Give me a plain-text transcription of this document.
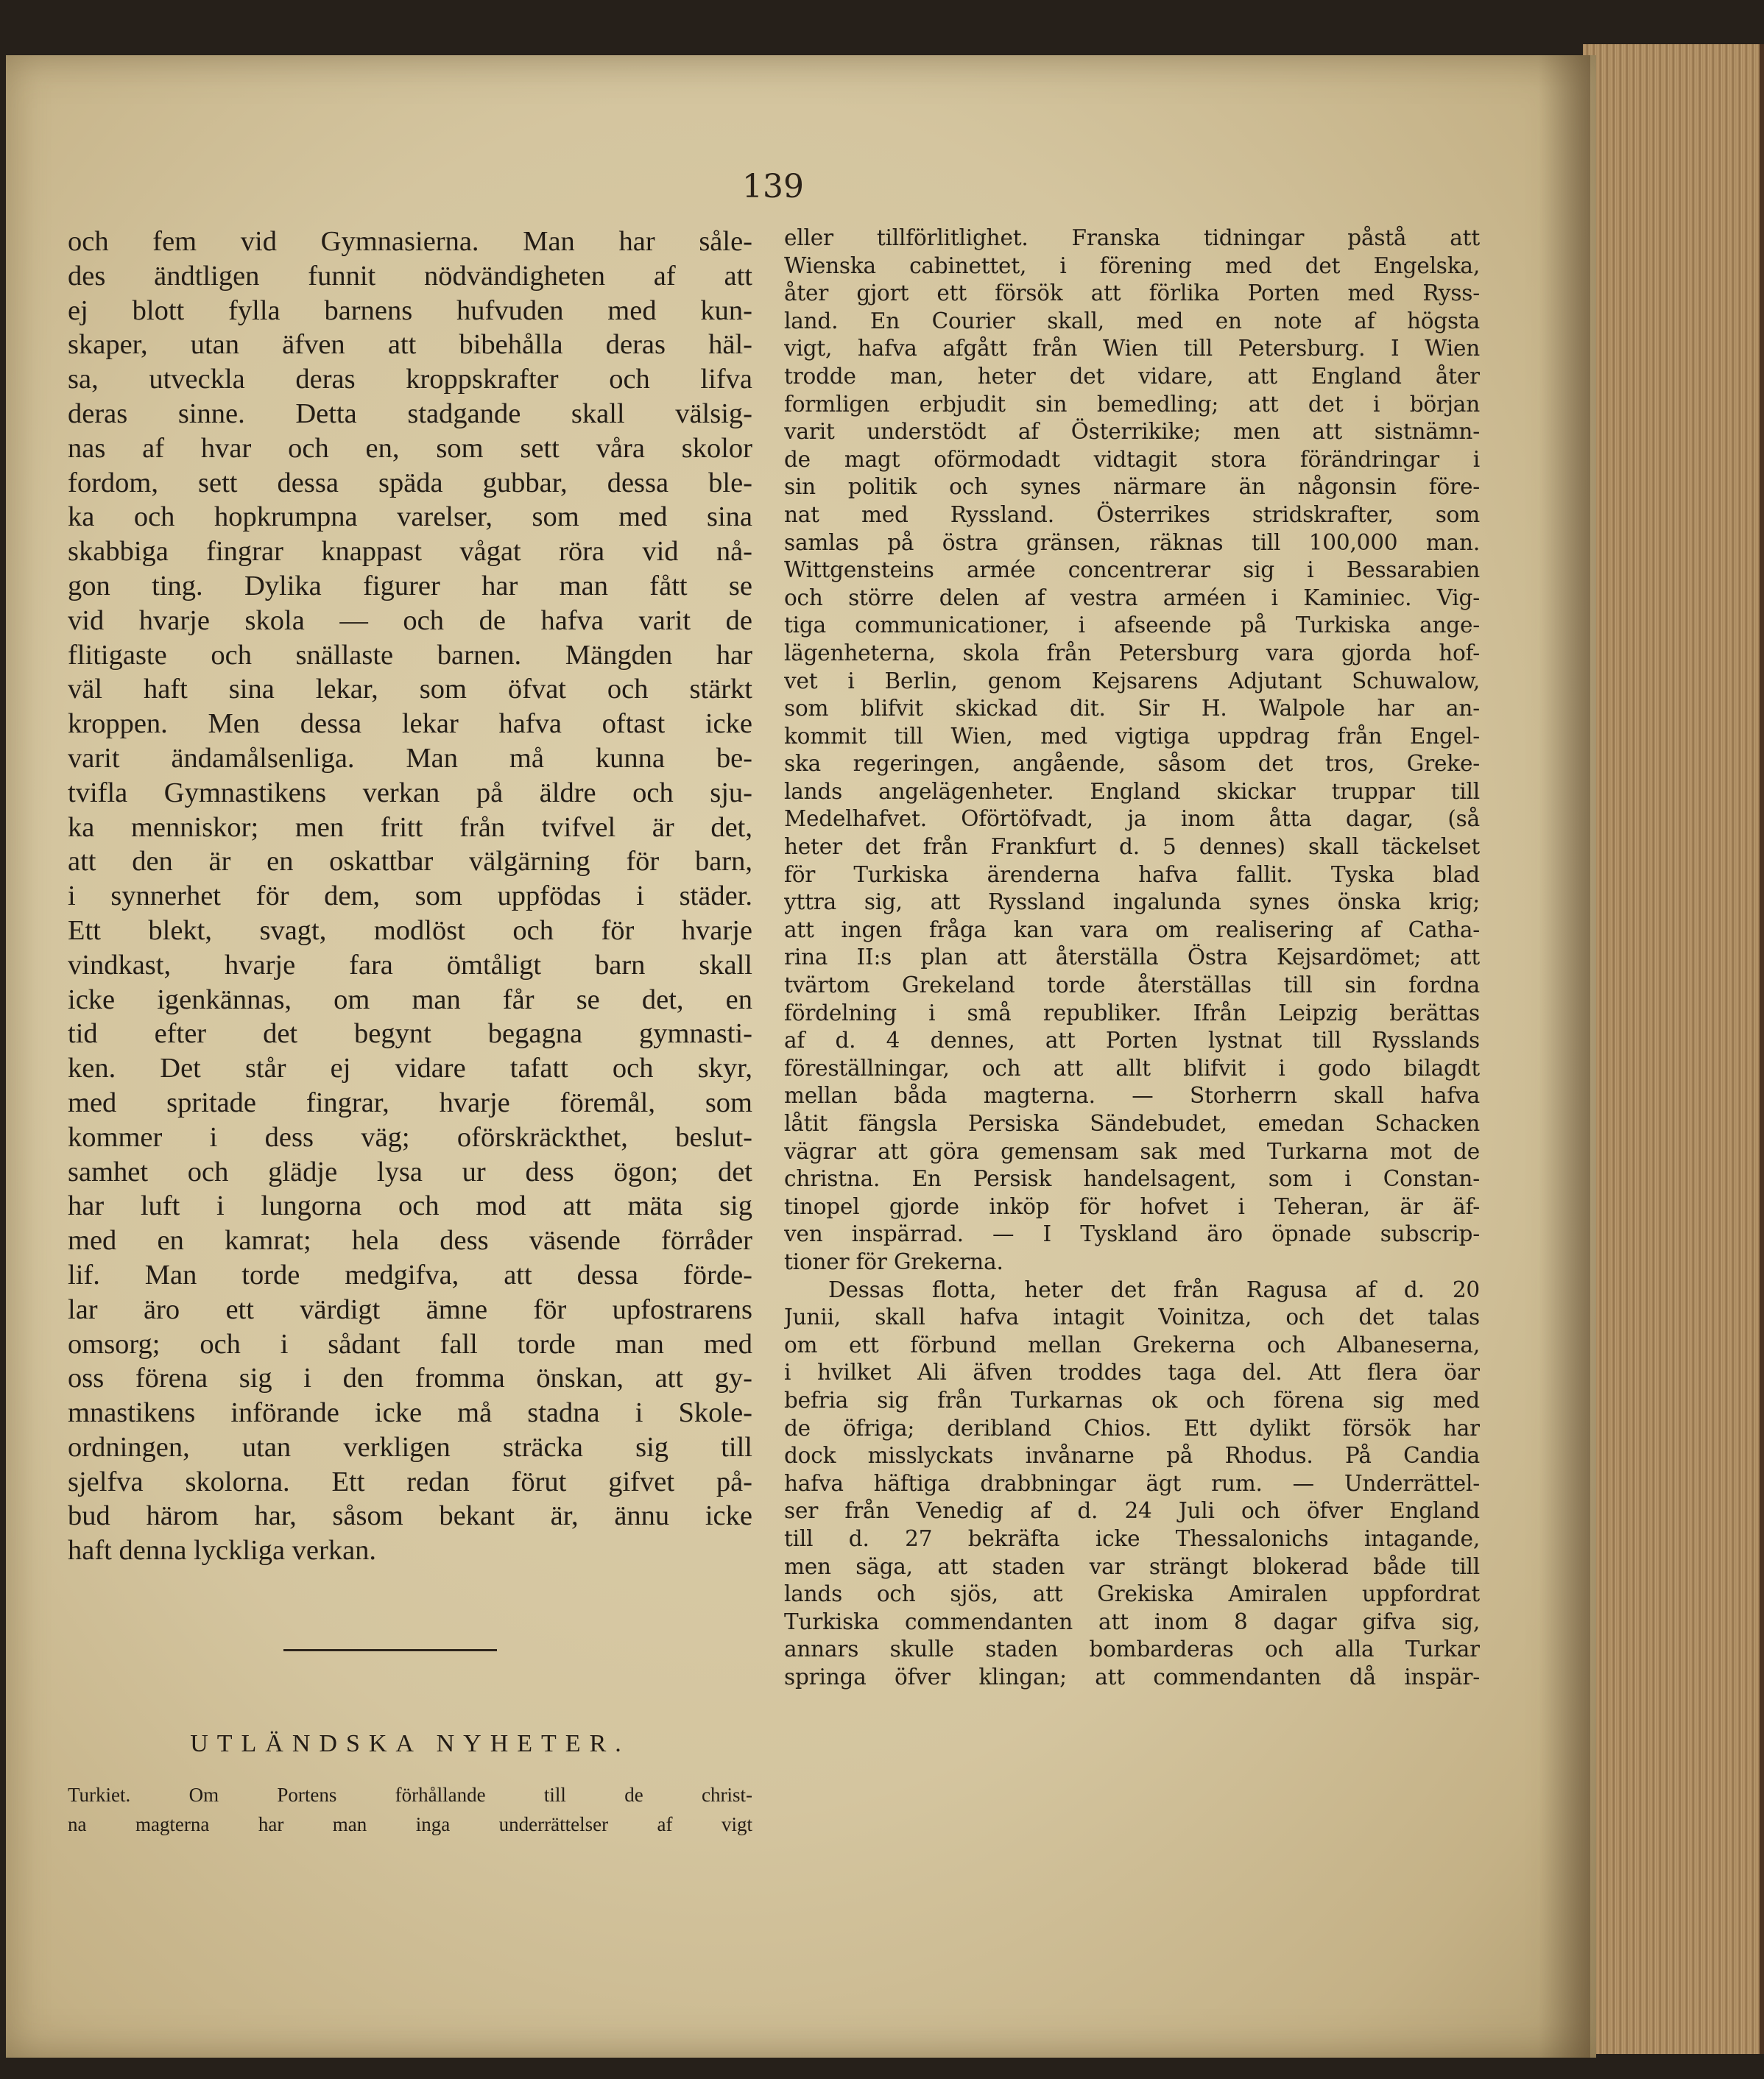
139
och fem vid Gymnasierna. Man har såle-
des ändtligen funnit nödvändigheten af att
ej blott fylla barnens hufvuden med kun-
skaper, utan äfven att bibehålla deras häl-
sa, utveckla deras kroppskrafter och lifva
deras sinne. Detta stadgande skall välsig-
nas af hvar och en, som sett våra skolor
fordom, sett dessa späda gubbar, dessa ble-
ka och hopkrumpna varelser, som med sina
skabbiga fingrar knappast vågat röra vid nå-
gon ting. Dylika figurer har man fått se
vid hvarje skola — och de hafva varit de
flitigaste och snällaste barnen. Mängden har
väl haft sina lekar, som öfvat och stärkt
kroppen. Men dessa lekar hafva oftast icke
varit ändamålsenliga. Man må kunna be-
tvifla Gymnastikens verkan på äldre och sju-
ka menniskor; men fritt från tvifvel är det,
att den är en oskattbar välgärning för barn,
i synnerhet för dem, som uppfödas i städer.
Ett blekt, svagt, modlöst och för hvarje
vindkast, hvarje fara ömtåligt barn skall
icke igenkännas, om man får se det, en
tid efter det begynt begagna gymnasti-
ken. Det står ej vidare tafatt och skyr,
med spritade fingrar, hvarje föremål, som
kommer i dess väg; oförskräckthet, beslut-
samhet och glädje lysa ur dess ögon; det
har luft i lungorna och mod att mäta sig
med en kamrat; hela dess väsende förråder
lif. Man torde medgifva, att dessa förde-
lar äro ett värdigt ämne för upfostrarens
omsorg; och i sådant fall torde man med
oss förena sig i den fromma önskan, att gy-
mnastikens införande icke må stadna i Skole-
ordningen, utan verkligen sträcka sig till
sjelfva skolorna. Ett redan förut gifvet på-
bud härom har, såsom bekant är, ännu icke
haft denna lyckliga verkan.
UTLÄNDSKA NYHETER.
Turkiet. Om Portens förhållande till de christ-
na magterna har man inga underrättelser af vigt
eller tillförlitlighet. Franska tidningar påstå att
Wienska cabinettet, i förening med det Engelska,
åter gjort ett försök att förlika Porten med Ryss-
land. En Courier skall, med en note af högsta
vigt, hafva afgått från Wien till Petersburg. I Wien
trodde man, heter det vidare, att England åter
formligen erbjudit sin bemedling; att det i början
varit understödt af Österrikike; men att sistnämn-
de magt oförmodadt vidtagit stora förändringar i
sin politik och synes närmare än någonsin före-
nat med Ryssland. Österrikes stridskrafter, som
samlas på östra gränsen, räknas till 100,000 man.
Wittgensteins armée concentrerar sig i Bessarabien
och större delen af vestra arméen i Kaminiec. Vig-
tiga communicationer, i afseende på Turkiska ange-
lägenheterna, skola från Petersburg vara gjorda hof-
vet i Berlin, genom Kejsarens Adjutant Schuwalow,
som blifvit skickad dit. Sir H. Walpole har an-
kommit till Wien, med vigtiga uppdrag från Engel-
ska regeringen, angående, såsom det tros, Greke-
lands angelägenheter. England skickar truppar till
Medelhafvet. Oförtöfvadt, ja inom åtta dagar, (så
heter det från Frankfurt d. 5 dennes) skall täckelset
för Turkiska ärenderna hafva fallit. Tyska blad
yttra sig, att Ryssland ingalunda synes önska krig;
att ingen fråga kan vara om realisering af Catha-
rina II:s plan att återställa Östra Kejsardömet; att
tvärtom Grekeland torde återställas till sin fordna
fördelning i små republiker. Ifrån Leipzig berättas
af d. 4 dennes, att Porten lystnat till Rysslands
föreställningar, och att allt blifvit i godo bilagdt
mellan båda magterna. — Storherrn skall hafva
låtit fängsla Persiska Sändebudet, emedan Schacken
vägrar att göra gemensam sak med Turkarna mot de
christna. En Persisk handelsagent, som i Constan-
tinopel gjorde inköp för hofvet i Teheran, är äf-
ven inspärrad. — I Tyskland äro öpnade subscrip-
tioner för Grekerna.
Dessas flotta, heter det från Ragusa af d. 20
Junii, skall hafva intagit Voinitza, och det talas
om ett förbund mellan Grekerna och Albaneserna,
i hvilket Ali äfven troddes taga del. Att flera öar
befria sig från Turkarnas ok och förena sig med
de öfriga; deribland Chios. Ett dylikt försök har
dock misslyckats invånarne på Rhodus. På Candia
hafva häftiga drabbningar ägt rum. — Underrättel-
ser från Venedig af d. 24 Juli och öfver England
till d. 27 bekräfta icke Thessalonichs intagande,
men säga, att staden var strängt blokerad både till
lands och sjös, att Grekiska Amiralen uppfordrat
Turkiska commendanten att inom 8 dagar gifva sig,
annars skulle staden bombarderas och alla Turkar
springa öfver klingan; att commendanten då inspär-
